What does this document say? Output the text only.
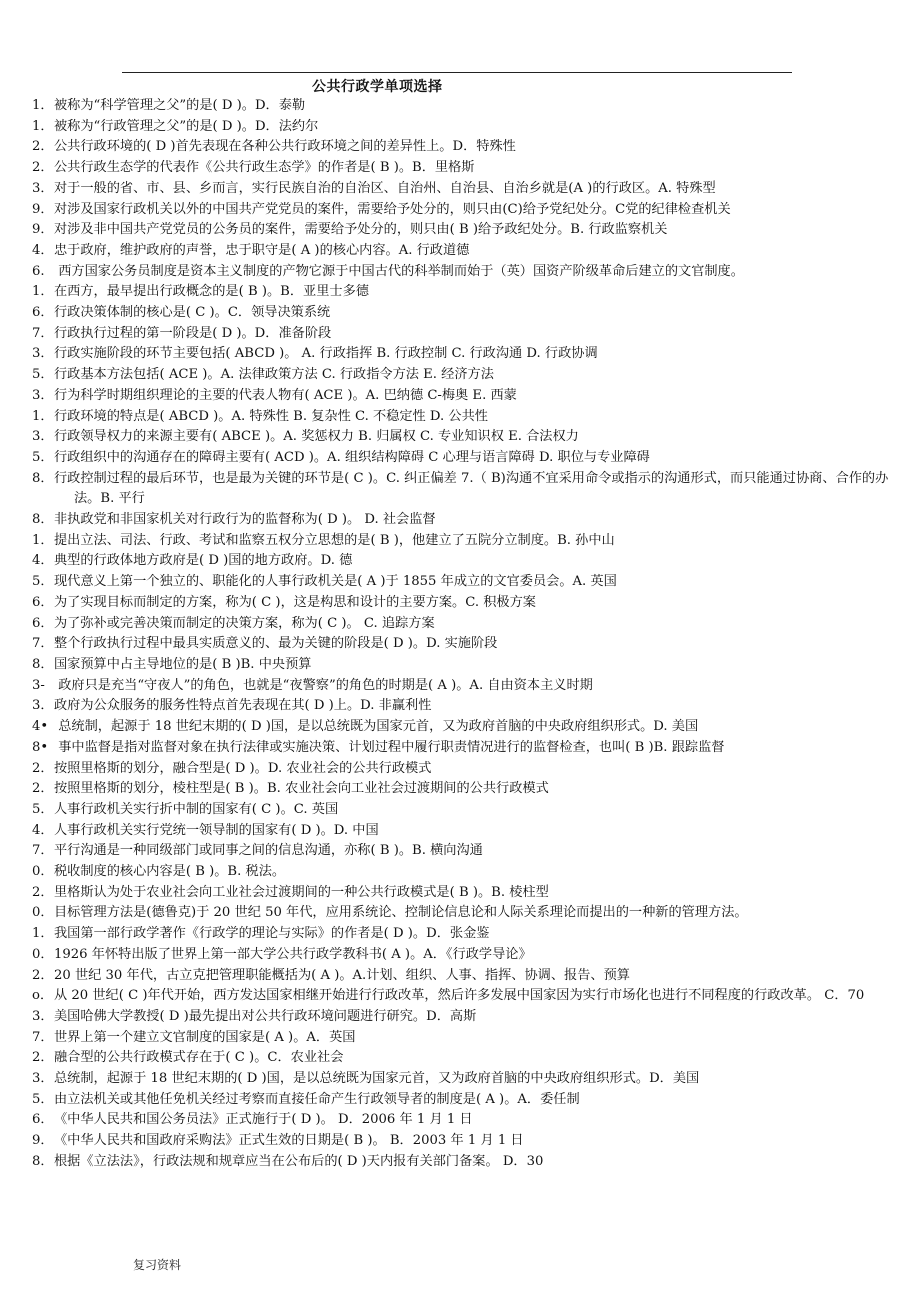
公共行政学单项选择
1．被称为“科学管理之父”的是( D )。D．泰勒
1．被称为“行政管理之父”的是( D )。D．法约尔
2．公共行政环境的( D )首先表现在各种公共行政环境之间的差异性上。D．特殊性
2．公共行政生态学的代表作《公共行政生态学》的作者是( B )。B．里格斯
3．对于一般的省、市、县、乡而言，实行民族自治的自治区、自治州、自治县、自治乡就是(A )的行政区。A. 特殊型
9．对涉及国家行政机关以外的中国共产党党员的案件，需要给予处分的，则只由(C)给予党纪处分。C党的纪律检查机关
9．对涉及非中国共产党党员的公务员的案件，需要给予处分的，则只由( B )给予政纪处分。B. 行政监察机关
4．忠于政府，维护政府的声誉，忠于职守是( A )的核心内容。A. 行政道德
6. 西方国家公务员制度是资本主义制度的产物它源于中国古代的科举制而始于（英）国资产阶级革命后建立的文官制度。
1．在西方，最早提出行政概念的是( B )。B．亚里士多德
6．行政决策体制的核心是( C )。C．领导决策系统
7．行政执行过程的第一阶段是( D )。D．准备阶段
3．行政实施阶段的环节主要包括( ABCD )。 A. 行政指挥 B. 行政控制 C. 行政沟通 D. 行政协调
5．行政基本方法包括( ACE )。A. 法律政策方法 C. 行政指令方法 E. 经济方法
3．行为科学时期组织理论的主要的代表人物有( ACE )。A. 巴纳德 C-梅奥 E. 西蒙
1．行政环境的特点是( ABCD )。A. 特殊性 B. 复杂性 C. 不稳定性 D. 公共性
3．行政领导权力的来源主要有( ABCE )。A. 奖惩权力 B. 归属权 C. 专业知识权 E. 合法权力
5．行政组织中的沟通存在的障碍主要有( ACD )。A. 组织结构障碍 C 心理与语言障碍 D. 职位与专业障碍
8．行政控制过程的最后环节，也是最为关键的环节是( C )。C. 纠正偏差 7.（ B)沟通不宜采用命令或指示的沟通形式，而只能通过协商、合作的办法。B. 平行
8．非执政党和非国家机关对行政行为的监督称为( D )。 D. 社会监督
1．提出立法、司法、行政、考试和监察五权分立思想的是( B )，他建立了五院分立制度。B. 孙中山
4．典型的行政体地方政府是( D )国的地方政府。D. 德
5．现代意义上第一个独立的、职能化的人事行政机关是( A )于 1855 年成立的文官委员会。A. 英国
6．为了实现目标而制定的方案，称为( C )，这是构思和设计的主要方案。C. 积极方案
6．为了弥补或完善决策而制定的决策方案，称为( C )。 C. 追踪方案
7．整个行政执行过程中最具实质意义的、最为关键的阶段是( D )。D. 实施阶段
8．国家预算中占主导地位的是( B )B. 中央预算
3- 政府只是充当“守夜人”的角色，也就是“夜警察”的角色的时期是( A )。A. 自由资本主义时期
3．政府为公众服务的服务性特点首先表现在其( D )上。D. 非赢利性
4• 总统制，起源于 18 世纪末期的( D )国，是以总统既为国家元首，又为政府首脑的中央政府组织形式。D. 美国
8• 事中监督是指对监督对象在执行法律或实施决策、计划过程中履行职责情况进行的监督检查，也叫( B )B. 跟踪监督
2．按照里格斯的划分，融合型是( D )。D. 农业社会的公共行政模式
2．按照里格斯的划分，棱柱型是( B )。B. 农业社会向工业社会过渡期间的公共行政模式
5．人事行政机关实行折中制的国家有( C )。C. 英国
4．人事行政机关实行党统一领导制的国家有( D )。D. 中国
7．平行沟通是一种同级部门或同事之间的信息沟通，亦称( B )。B. 横向沟通
0．税收制度的核心内容是( B )。B. 税法。
2．里格斯认为处于农业社会向工业社会过渡期间的一种公共行政模式是( B )。B. 棱柱型
0．目标管理方法是(德鲁克)于 20 世纪 50 年代，应用系统论、控制论信息论和人际关系理论而提出的一种新的管理方法。
1．我国第一部行政学著作《行政学的理论与实际》的作者是( D )。D．张金鉴
0．1926 年怀特出版了世界上第一部大学公共行政学教科书( A )。A．《行政学导论》
2．20 世纪 30 年代，古立克把管理职能概括为( A )。A.计划、组织、人事、指挥、协调、报告、预算
o．从 20 世纪( C )年代开始，西方发达国家相继开始进行行政改革，然后许多发展中国家因为实行市场化也进行不同程度的行政改革。 C．70
3．美国哈佛大学教授( D )最先提出对公共行政环境问题进行研究。D．高斯
7．世界上第一个建立文官制度的国家是( A )。A．英国
2．融合型的公共行政模式存在于( C )。C．农业社会
3．总统制，起源于 18 世纪末期的( D )国，是以总统既为国家元首，又为政府首脑的中央政府组织形式。D．美国
5．由立法机关或其他任免机关经过考察而直接任命产生行政领导者的制度是( A )。A．委任制
6．《中华人民共和国公务员法》正式施行于( D )。 D．2006 年 1 月 1 日
9．《中华人民共和国政府采购法》正式生效的日期是( B )。 B．2003 年 1 月 1 日
8．根据《立法法》，行政法规和规章应当在公布后的( D )天内报有关部门备案。 D．30
复习资料
